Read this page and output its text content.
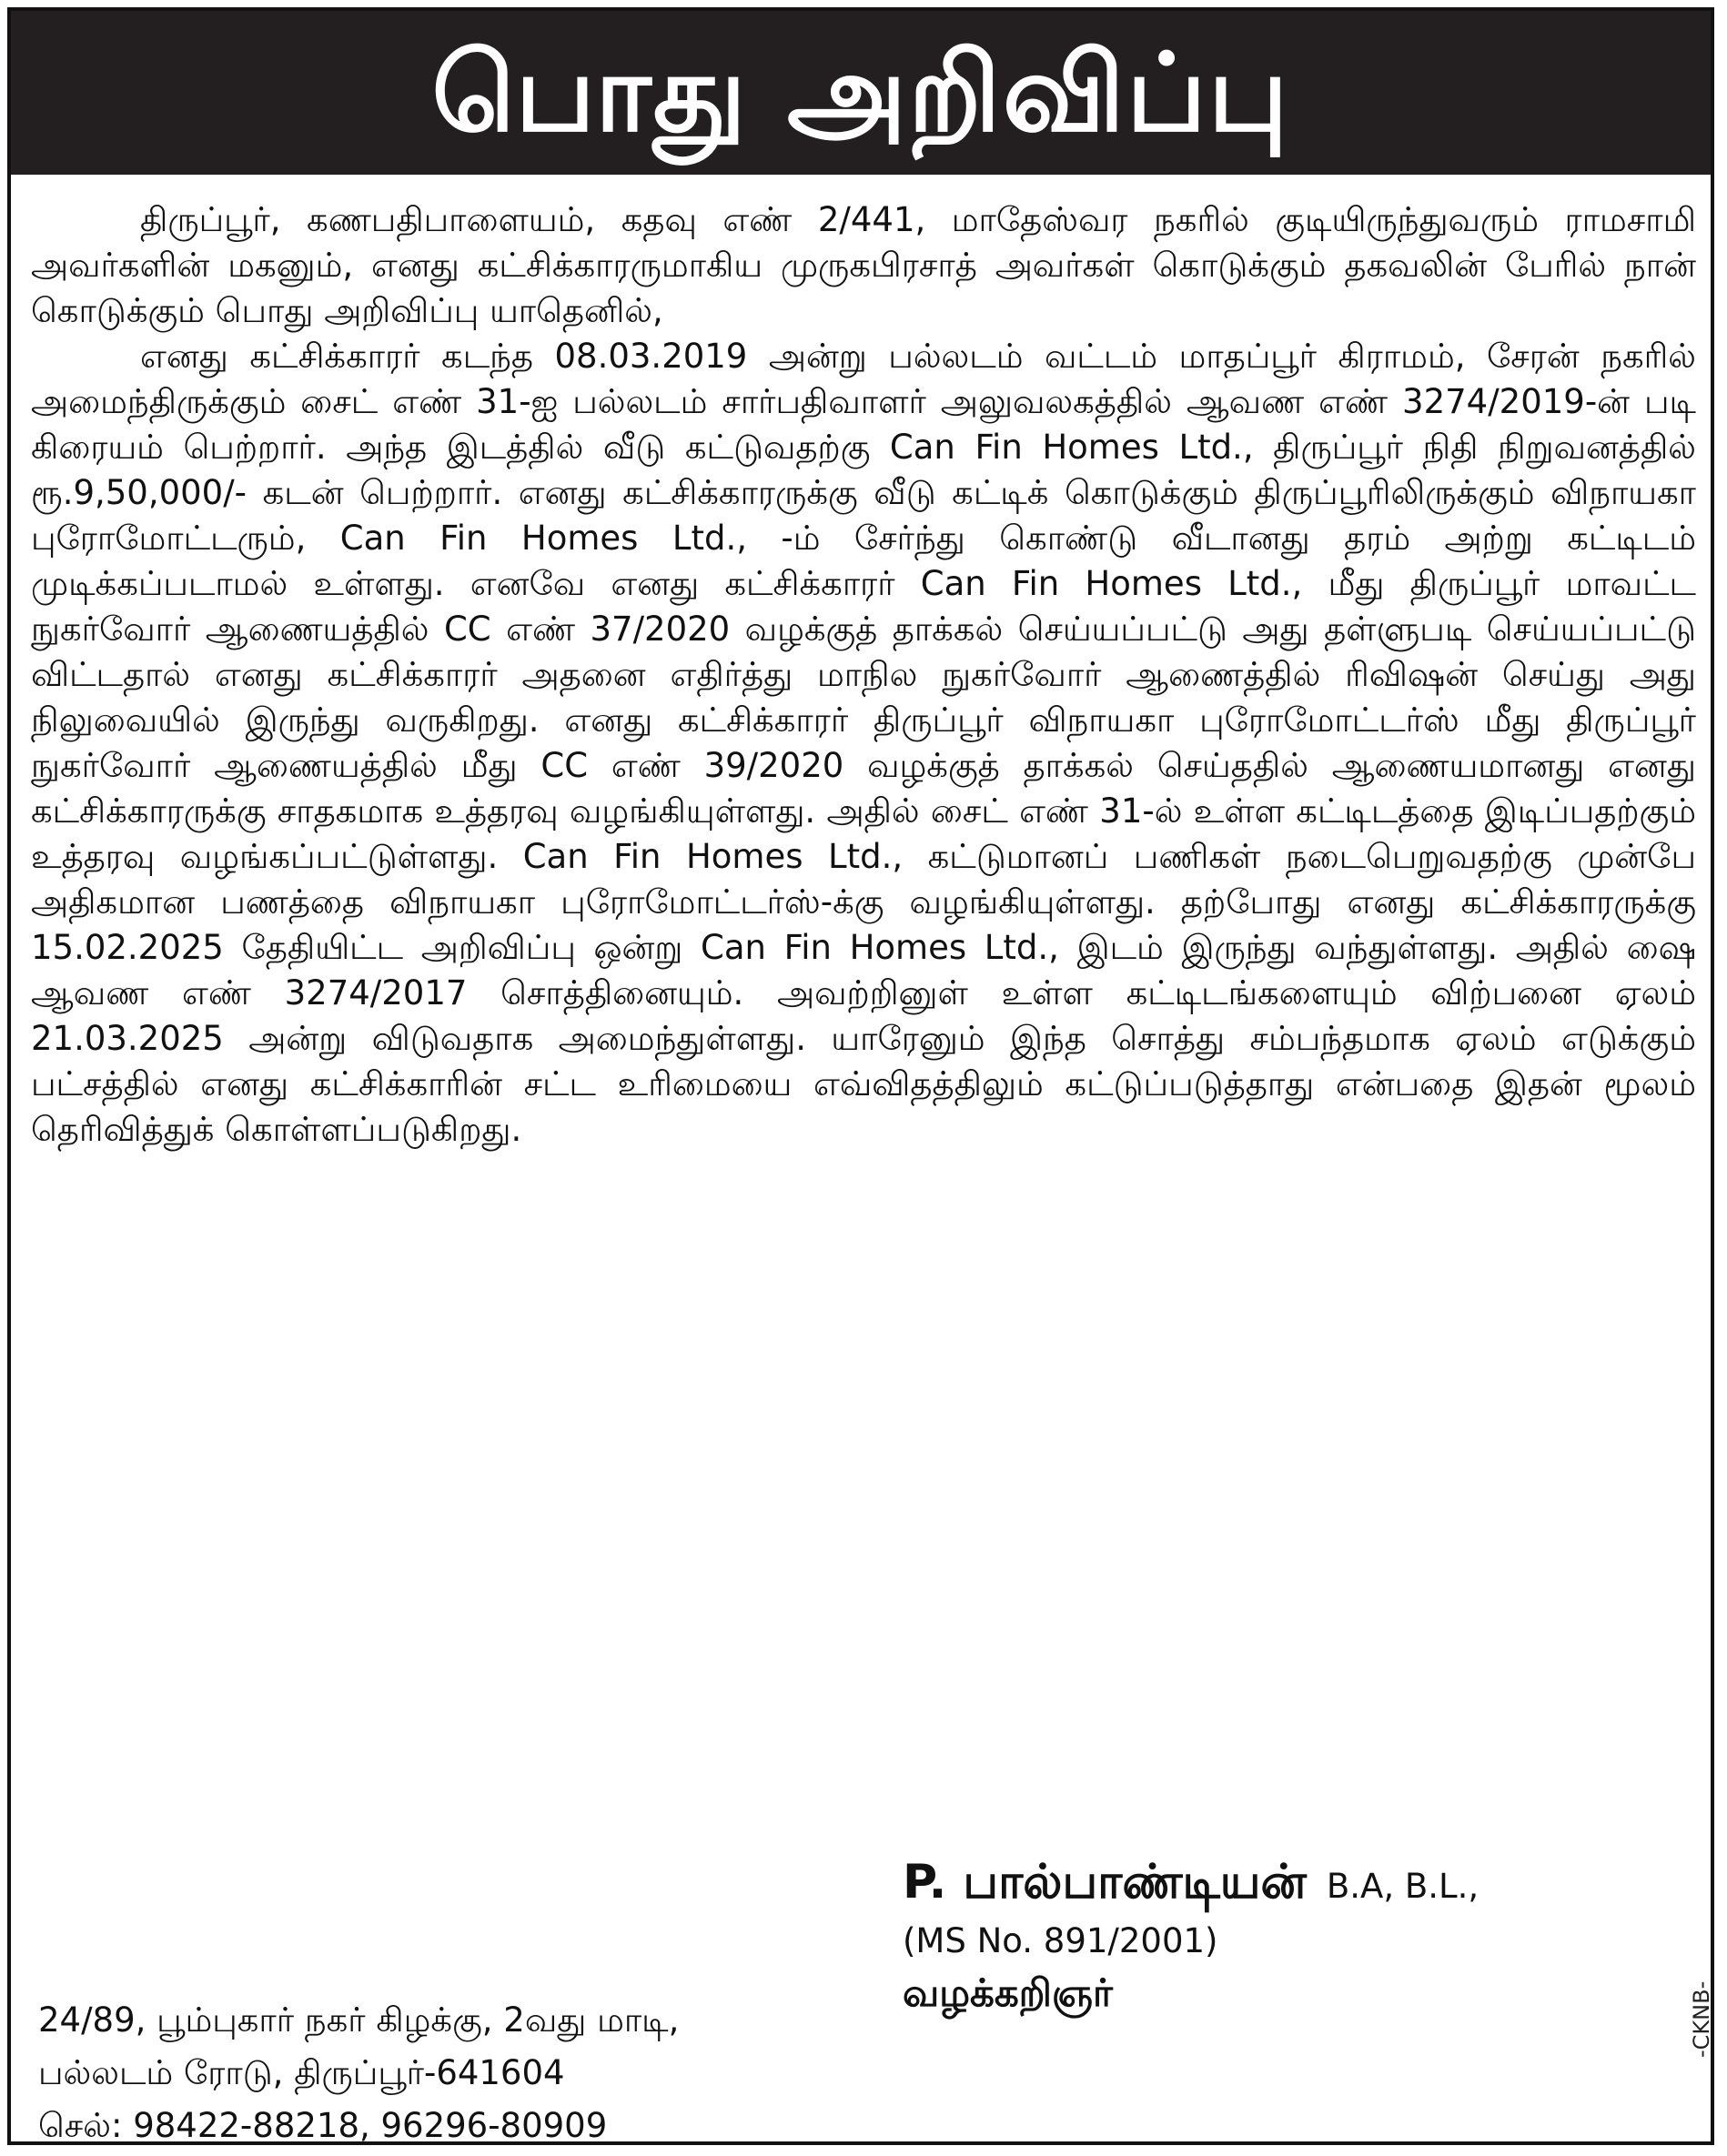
பொது அறிவிப்பு

திருப்பூர், கணபதிபாளையம், கதவு எண் 2/441, மாதேஸ்வர நகரில் குடியிருந்துவரும் ராமசாமி அவர்களின் மகனும், எனது கட்சிக்காரருமாகிய முருகபிரசாத் அவர்கள் கொடுக்கும் தகவலின் பேரில் நான் கொடுக்கும் பொது அறிவிப்பு யாதெனில்,

எனது கட்சிக்காரர் கடந்த 08.03.2019 அன்று பல்லடம் வட்டம் மாதப்பூர் கிராமம், சேரன் நகரில் அமைந்திருக்கும் சைட் எண் 31-ஐ பல்லடம் சார்பதிவாளர் அலுவலகத்தில் ஆவண எண் 3274/2019-ன் படி கிரையம் பெற்றார். அந்த இடத்தில் வீடு கட்டுவதற்கு Can Fin Homes Ltd., திருப்பூர் நிதி நிறுவனத்தில் ரூ.9,50,000/- கடன் பெற்றார். எனது கட்சிக்காரருக்கு வீடு கட்டிக் கொடுக்கும் திருப்பூரிலிருக்கும் விநாயகா புரோமோட்டரும், Can Fin Homes Ltd., -ம் சேர்ந்து கொண்டு வீடானது தரம் அற்று கட்டிடம் முடிக்கப்படாமல் உள்ளது. எனவே எனது கட்சிக்காரர் Can Fin Homes Ltd., மீது திருப்பூர் மாவட்ட நுகர்வோர் ஆணையத்தில் CC எண் 37/2020 வழக்குத் தாக்கல் செய்யப்பட்டு அது தள்ளுபடி செய்யப்பட்டு விட்டதால் எனது கட்சிக்காரர் அதனை எதிர்த்து மாநில நுகர்வோர் ஆணைத்தில் ரிவிஷன் செய்து அது நிலுவையில் இருந்து வருகிறது. எனது கட்சிக்காரர் திருப்பூர் விநாயகா புரோமோட்டர்ஸ் மீது திருப்பூர் நுகர்வோர் ஆணையத்தில் மீது CC எண் 39/2020 வழக்குத் தாக்கல் செய்ததில் ஆணையமானது எனது கட்சிக்காரருக்கு சாதகமாக உத்தரவு வழங்கியுள்ளது. அதில் சைட் எண் 31-ல் உள்ள கட்டிடத்தை இடிப்பதற்கும் உத்தரவு வழங்கப்பட்டுள்ளது. Can Fin Homes Ltd., கட்டுமானப் பணிகள் நடைபெறுவதற்கு முன்பே அதிகமான பணத்தை விநாயகா புரோமோட்டர்ஸ்-க்கு வழங்கியுள்ளது. தற்போது எனது கட்சிக்காரருக்கு 15.02.2025 தேதியிட்ட அறிவிப்பு ஒன்று Can Fin Homes Ltd., இடம் இருந்து வந்துள்ளது. அதில் ஷை ஆவண எண் 3274/2017 சொத்தினையும். அவற்றினுள் உள்ள கட்டிடங்களையும் விற்பனை ஏலம் 21.03.2025 அன்று விடுவதாக அமைந்துள்ளது. யாரேனும் இந்த சொத்து சம்பந்தமாக ஏலம் எடுக்கும் பட்சத்தில் எனது கட்சிக்காரின் சட்ட உரிமையை எவ்விதத்திலும் கட்டுப்படுத்தாது என்பதை இதன் மூலம் தெரிவித்துக் கொள்ளப்படுகிறது.

P. பால்பாண்டியன் B.A, B.L.,
(MS No. 891/2001)
வழக்கறிஞர்
24/89, பூம்புகார் நகர் கிழக்கு, 2வது மாடி,
பல்லடம் ரோடு, திருப்பூர்-641604
செல்: 98422-88218, 96296-80909
-CKNB-
